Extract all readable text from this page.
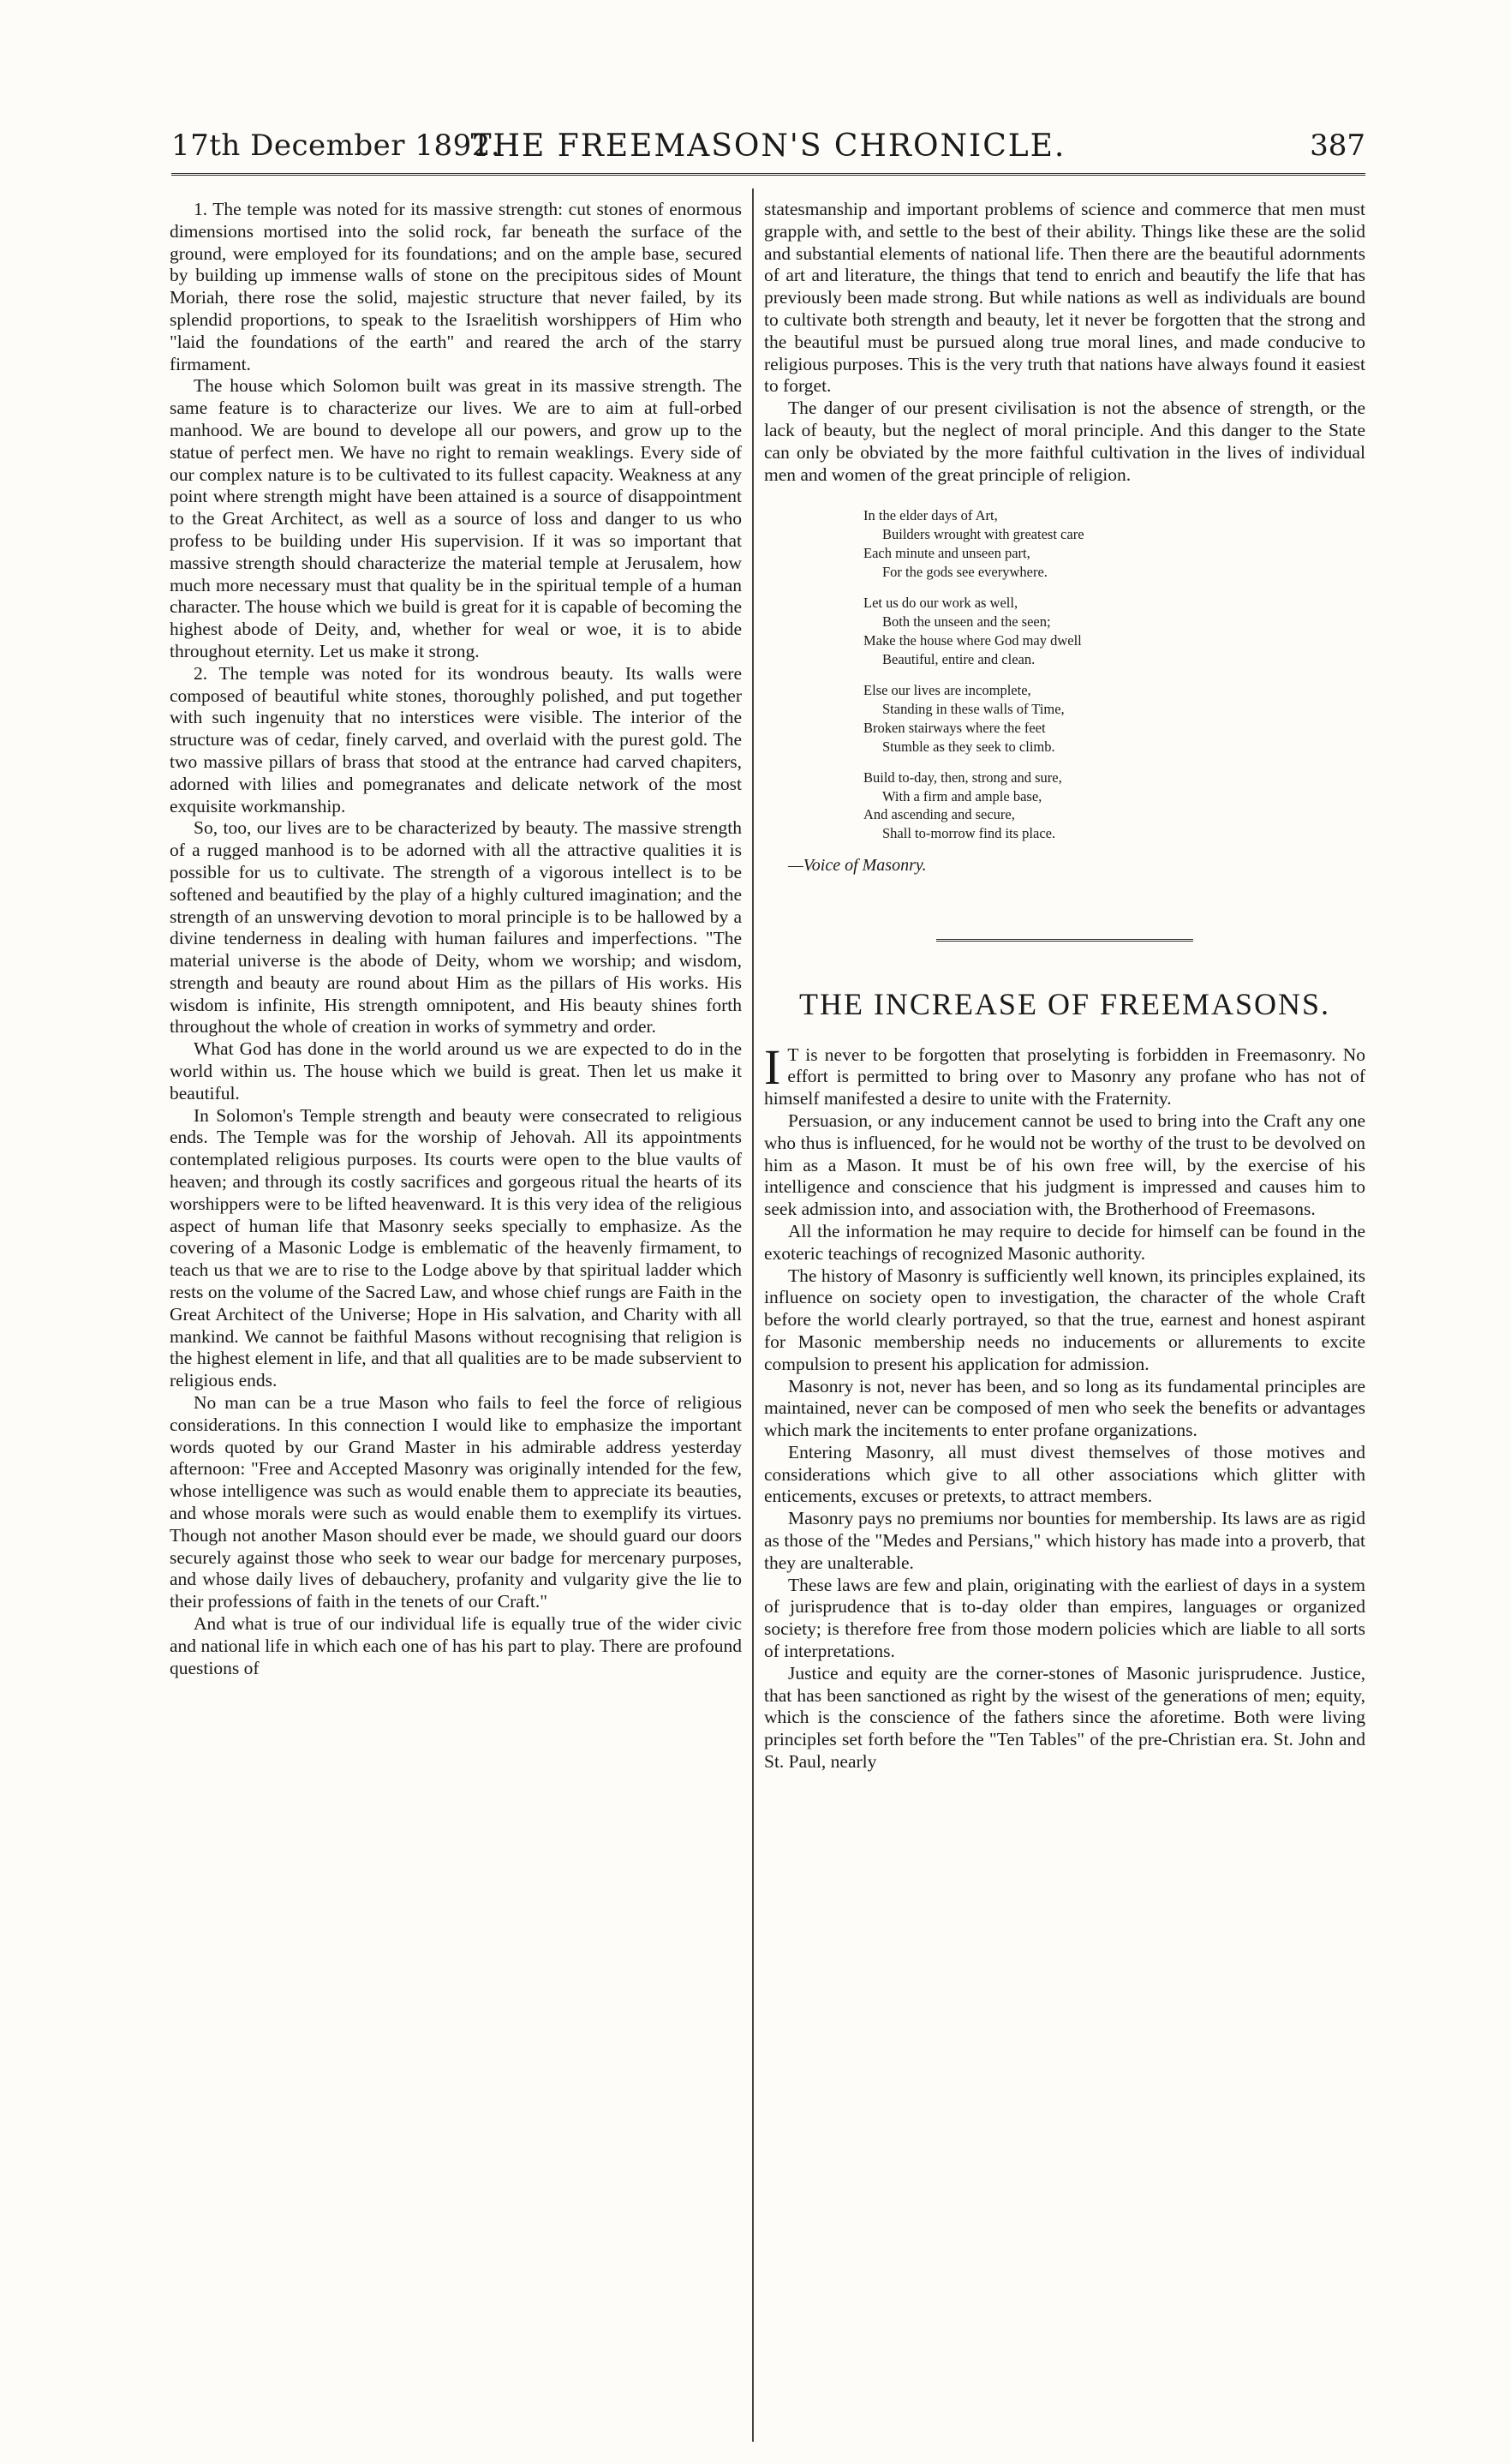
17th December 1892.
THE FREEMASON'S CHRONICLE.	387

1. The temple was noted for its massive strength: cut stones of enormous dimensions mortised into the solid rock, far beneath the surface of the ground, were employed for its foundations; and on the ample base, secured by building up immense walls of stone on the precipitous sides of Mount Moriah, there rose the solid, majestic structure that never failed, by its splendid proportions, to speak to the Israelitish worshippers of Him who "laid the foundations of the earth" and reared the arch of the starry firmament.

The house which Solomon built was great in its massive strength. The same feature is to characterize our lives. We are to aim at full-orbed manhood. We are bound to develope all our powers, and grow up to the statue of perfect men. We have no right to remain weaklings. Every side of our complex nature is to be cultivated to its fullest capacity. Weakness at any point where strength might have been attained is a source of disappointment to the Great Architect, as well as a source of loss and danger to us who profess to be building under His supervision. If it was so important that massive strength should characterize the material temple at Jerusalem, how much more necessary must that quality be in the spiritual temple of a human character. The house which we build is great for it is capable of becoming the highest abode of Deity, and, whether for weal or woe, it is to abide throughout eternity. Let us make it strong.

2. The temple was noted for its wondrous beauty. Its walls were composed of beautiful white stones, thoroughly polished, and put together with such ingenuity that no interstices were visible. The interior of the structure was of cedar, finely carved, and overlaid with the purest gold. The two massive pillars of brass that stood at the entrance had carved chapiters, adorned with lilies and pomegranates and delicate network of the most exquisite workmanship.

So, too, our lives are to be characterized by beauty. The massive strength of a rugged manhood is to be adorned with all the attractive qualities it is possible for us to cultivate. The strength of a vigorous intellect is to be softened and beautified by the play of a highly cultured imagination; and the strength of an unswerving devotion to moral principle is to be hallowed by a divine tenderness in dealing with human failures and imperfections. "The material universe is the abode of Deity, whom we worship; and wisdom, strength and beauty are round about Him as the pillars of His works. His wisdom is infinite, His strength omnipotent, and His beauty shines forth throughout the whole of creation in works of symmetry and order.

What God has done in the world around us we are expected to do in the world within us. The house which we build is great. Then let us make it beautiful.

In Solomon's Temple strength and beauty were consecrated to religious ends. The Temple was for the worship of Jehovah. All its appointments contemplated religious purposes. Its courts were open to the blue vaults of heaven; and through its costly sacrifices and gorgeous ritual the hearts of its worshippers were to be lifted heavenward. It is this very idea of the religious aspect of human life that Masonry seeks specially to emphasize. As the covering of a Masonic Lodge is emblematic of the heavenly firmament, to teach us that we are to rise to the Lodge above by that spiritual ladder which rests on the volume of the Sacred Law, and whose chief rungs are Faith in the Great Architect of the Universe; Hope in His salvation, and Charity with all mankind. We cannot be faithful Masons without recognising that religion is the highest element in life, and that all qualities are to be made subservient to religious ends.

No man can be a true Mason who fails to feel the force of religious considerations. In this connection I would like to emphasize the important words quoted by our Grand Master in his admirable address yesterday afternoon: "Free and Accepted Masonry was originally intended for the few, whose intelligence was such as would enable them to appreciate its beauties, and whose morals were such as would enable them to exemplify its virtues. Though not another Mason should ever be made, we should guard our doors securely against those who seek to wear our badge for mercenary purposes, and whose daily lives of debauchery, profanity and vulgarity give the lie to their professions of faith in the tenets of our Craft."

And what is true of our individual life is equally true of the wider civic and national life in which each one of has his part to play. There are profound questions of

statesmanship and important problems of science and commerce that men must grapple with, and settle to the best of their ability. Things like these are the solid and substantial elements of national life. Then there are the beautiful adornments of art and literature, the things that tend to enrich and beautify the life that has previously been made strong. But while nations as well as individuals are bound to cultivate both strength and beauty, let it never be forgotten that the strong and the beautiful must be pursued along true moral lines, and made conducive to religious purposes. This is the very truth that nations have always found it easiest to forget.

The danger of our present civilisation is not the absence of strength, or the lack of beauty, but the neglect of moral principle. And this danger to the State can only be obviated by the more faithful cultivation in the lives of individual men and women of the great principle of religion.

In the elder days of Art,

Builders wrought with greatest care

Each minute and unseen part,

For the gods see everywhere.

Let us do our work as well,

Both the unseen and the seen;

Make the house where God may dwell

Beautiful, entire and clean.

Else our lives are incomplete,

Standing in these walls of Time,

Broken stairways where the feet

Stumble as they seek to climb.

Build to-day, then, strong and sure,

With a firm and ample base,

And ascending and secure,

Shall to-morrow find its place.

—Voice of Masonry.

THE INCREASE OF FREEMASONS.

I T is never to be forgotten that proselyting is forbidden in Freemasonry. No effort is permitted to bring over to Masonry any profane who has not of himself manifested a desire to unite with the Fraternity.

Persuasion, or any inducement cannot be used to bring into the Craft any one who thus is influenced, for he would not be worthy of the trust to be devolved on him as a Mason. It must be of his own free will, by the exercise of his intelligence and conscience that his judgment is impressed and causes him to seek admission into, and association with, the Brotherhood of Freemasons.

All the information he may require to decide for himself can be found in the exoteric teachings of recognized Masonic authority.

The history of Masonry is sufficiently well known, its principles explained, its influence on society open to investigation, the character of the whole Craft before the world clearly portrayed, so that the true, earnest and honest aspirant for Masonic membership needs no inducements or allurements to excite compulsion to present his application for admission.

Masonry is not, never has been, and so long as its fundamental principles are maintained, never can be composed of men who seek the benefits or advantages which mark the incitements to enter profane organizations.

Entering Masonry, all must divest themselves of those motives and considerations which give to all other associations which glitter with enticements, excuses or pretexts, to attract members.

Masonry pays no premiums nor bounties for membership. Its laws are as rigid as those of the "Medes and Persians," which history has made into a proverb, that they are unalterable.

These laws are few and plain, originating with the earliest of days in a system of jurisprudence that is to-day older than empires, languages or organized society; is therefore free from those modern policies which are liable to all sorts of interpretations.

Justice and equity are the corner-stones of Masonic jurisprudence. Justice, that has been sanctioned as right by the wisest of the generations of men; equity, which is the conscience of the fathers since the aforetime. Both were living principles set forth before the "Ten Tables" of the pre-Christian era. St. John and St. Paul, nearly
